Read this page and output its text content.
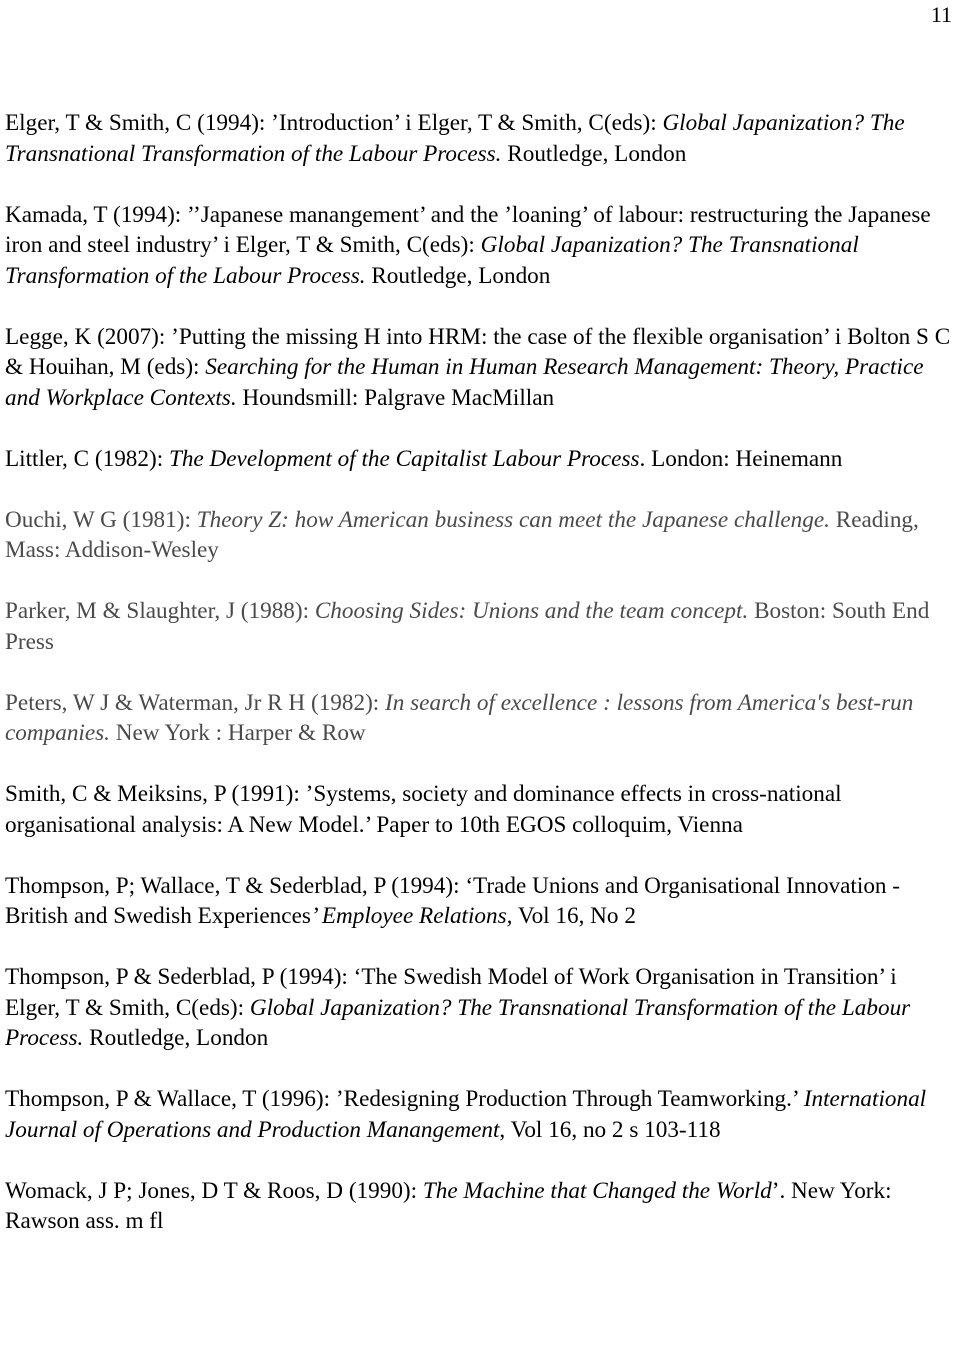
11

Elger, T & Smith, C (1994): ’Introduction’ i Elger, T & Smith, C(eds): Global Japanization? The Transnational Transformation of the Labour Process. Routledge, London

Kamada, T (1994): ’’Japanese manangement’ and the ’loaning’ of labour: restructuring the Japanese iron and steel industry’ i Elger, T & Smith, C(eds): Global Japanization? The Transnational Transformation of the Labour Process. Routledge, London

Legge, K (2007): ’Putting the missing H into HRM: the case of the flexible organisation’ i Bolton S C & Houihan, M (eds): Searching for the Human in Human Research Management: Theory, Practice and Workplace Contexts. Houndsmill: Palgrave MacMillan

Littler, C (1982): The Development of the Capitalist Labour Process. London: Heinemann

Ouchi, W G (1981): Theory Z: how American business can meet the Japanese challenge. Reading, Mass: Addison-Wesley

Parker, M & Slaughter, J (1988): Choosing Sides: Unions and the team concept. Boston: South End Press

Peters, W J & Waterman, Jr R H (1982): In search of excellence : lessons from America's best-run companies. New York : Harper & Row

Smith, C & Meiksins, P (1991): ’Systems, society and dominance effects in cross-national organisational analysis: A New Model.’ Paper to 10th EGOS colloquim, Vienna

Thompson, P; Wallace, T & Sederblad, P (1994): ‘Trade Unions and Organisational Innovation - British and Swedish Experiences’ Employee Relations, Vol 16, No 2

Thompson, P & Sederblad, P (1994): ‘The Swedish Model of Work Organisation in Transition’ i Elger, T & Smith, C(eds): Global Japanization? The Transnational Transformation of the Labour Process. Routledge, London

Thompson, P & Wallace, T (1996): ’Redesigning Production Through Teamworking.’ International Journal of Operations and Production Manangement, Vol 16, no 2 s 103-118

Womack, J P; Jones, D T & Roos, D (1990): The Machine that Changed the World’. New York: Rawson ass. m fl
